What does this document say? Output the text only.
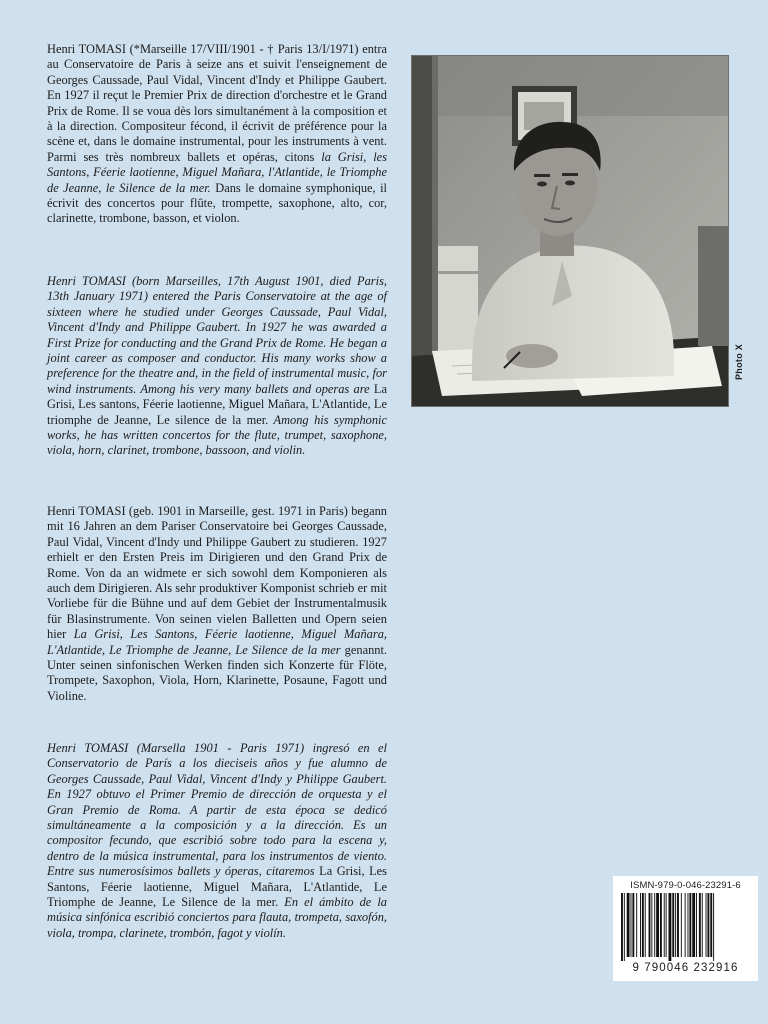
Henri TOMASI (*Marseille 17/VIII/1901 - † Paris 13/I/1971) entra au Conservatoire de Paris à seize ans et suivit l'enseignement de Georges Caussade, Paul Vidal, Vincent d'Indy et Philippe Gaubert. En 1927 il reçut le Premier Prix de direction d'orchestre et le Grand Prix de Rome. Il se voua dès lors simultanément à la composition et à la direction. Compositeur fécond, il écrivit de préférence pour la scène et, dans le domaine instrumental, pour les instruments à vent. Parmi ses très nombreux ballets et opéras, citons la Grisi, les Santons, Féerie laotienne, Miguel Mañara, l'Atlantide, le Triomphe de Jeanne, le Silence de la mer. Dans le domaine symphonique, il écrivit des concertos pour flûte, trompette, saxophone, alto, cor, clarinette, trombone, basson, et violon.

Henri TOMASI (born Marseilles, 17th August 1901, died Paris, 13th January 1971) entered the Paris Conservatoire at the age of sixteen where he studied under Georges Caussade, Paul Vidal, Vincent d'Indy and Philippe Gaubert. In 1927 he was awarded a First Prize for conducting and the Grand Prix de Rome. He began a joint career as composer and conductor. His many works show a preference for the theatre and, in the field of instrumental music, for wind instruments. Among his very many ballets and operas are La Grisi, Les santons, Féerie laotienne, Miguel Mañara, L'Atlantide, Le triomphe de Jeanne, Le silence de la mer. Among his symphonic works, he has written concertos for the flute, trumpet, saxophone, viola, horn, clarinet, trombone, bassoon, and violin.

Henri TOMASI (geb. 1901 in Marseille, gest. 1971 in Paris) begann mit 16 Jahren an dem Pariser Conservatoire bei Georges Caussade, Paul Vidal, Vincent d'Indy und Philippe Gaubert zu studieren. 1927 erhielt er den Ersten Preis im Dirigieren und den Grand Prix de Rome. Von da an widmete er sich sowohl dem Komponieren als auch dem Dirigieren. Als sehr produktiver Komponist schrieb er mit Vorliebe für die Bühne und auf dem Gebiet der Instrumentalmusik für Blasinstrumente. Von seinen vielen Balletten und Opern seien hier La Grisi, Les Santons, Féerie laotienne, Miguel Mañara, L'Atlantide, Le Triomphe de Jeanne, Le Silence de la mer genannt. Unter seinen sinfonischen Werken finden sich Konzerte für Flöte, Trompete, Saxophon, Viola, Horn, Klarinette, Posaune, Fagott und Violine.

Henri TOMASI (Marsella 1901 - Paris 1971) ingresó en el Conservatorio de París a los dieciseis años y fue alumno de Georges Caussade, Paul Vidal, Vincent d'Indy y Philippe Gaubert. En 1927 obtuvo el Primer Premio de dirección de orquesta y el Gran Premio de Roma. A partir de esta época se dedicó simultáneamente a la composición y a la dirección. Es un compositor fecundo, que escribió sobre todo para la escena y, dentro de la música instrumental, para los instrumentos de viento. Entre sus numerosísimos ballets y óperas, citaremos La Grisi, Les Santons, Féerie laotienne, Miguel Mañara, L'Atlantide, Le Triomphe de Jeanne, Le Silence de la mer. En el ámbito de la música sinfónica escribió conciertos para flauta, trompeta, saxofón, viola, trompa, clarinete, trombón, fagot y violín.

Photo X
ISMN-979-0-046-23291-6
9 790046 232916
